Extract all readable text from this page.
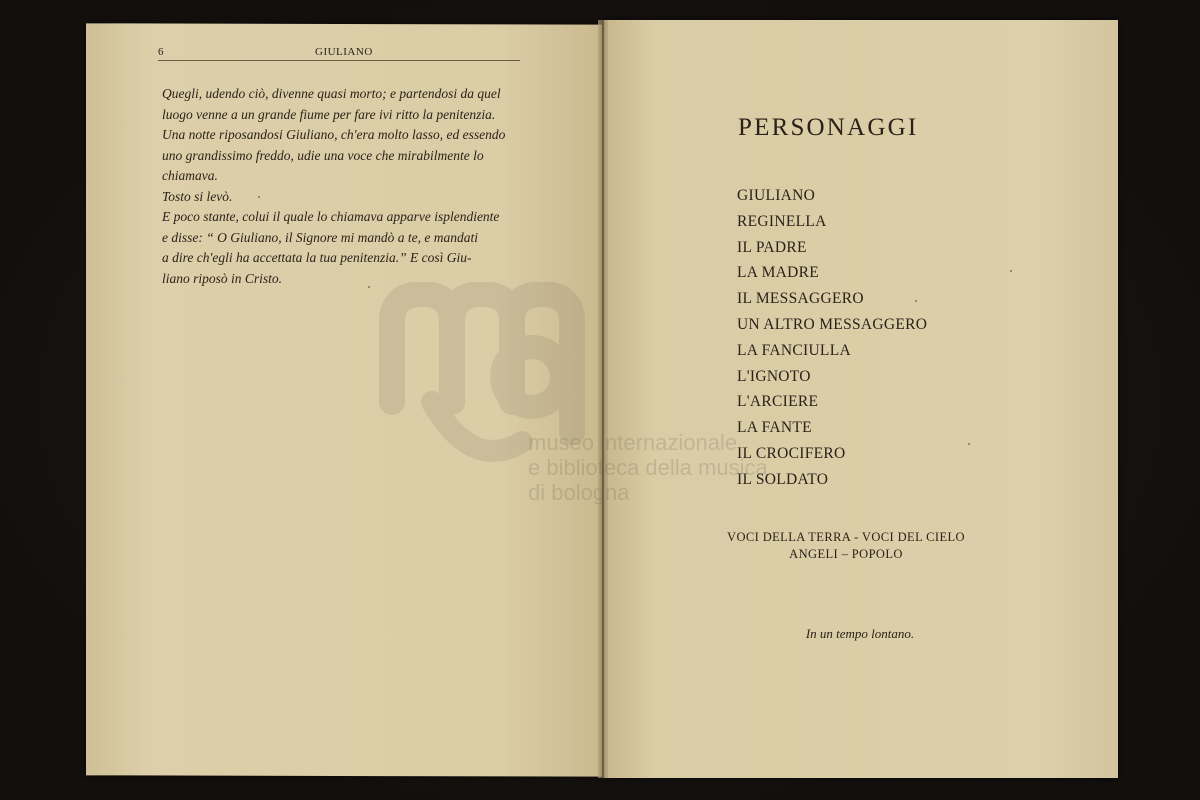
6	GIULIANO
Quegli, udendo ciò, divenne quasi morto; e partendosi da quel
luogo venne a un grande fiume per fare ivi ritto la penitenzia.
Una notte riposandosi Giuliano, ch'era molto lasso, ed essendo
uno grandissimo freddo, udie una voce che mirabilmente lo
chiamava.
Tosto si levò.
E poco stante, colui il quale lo chiamava apparve isplendiente
e disse: “ O Giuliano, il Signore mi mandò a te, e mandati
a dire ch'egli ha accettata la tua penitenzia.” E così Giu-
liano riposò in Cristo.
museo internazionale
e biblioteca della musica
di bologna
PERSONAGGI
GIULIANO
REGINELLA
IL PADRE
LA MADRE
IL MESSAGGERO
UN ALTRO MESSAGGERO
LA FANCIULLA
L'IGNOTO
L'ARCIERE
LA FANTE
IL CROCIFERO
IL SOLDATO
VOCI DELLA TERRA - VOCI DEL CIELO
ANGELI – POPOLO
In un tempo lontano.
